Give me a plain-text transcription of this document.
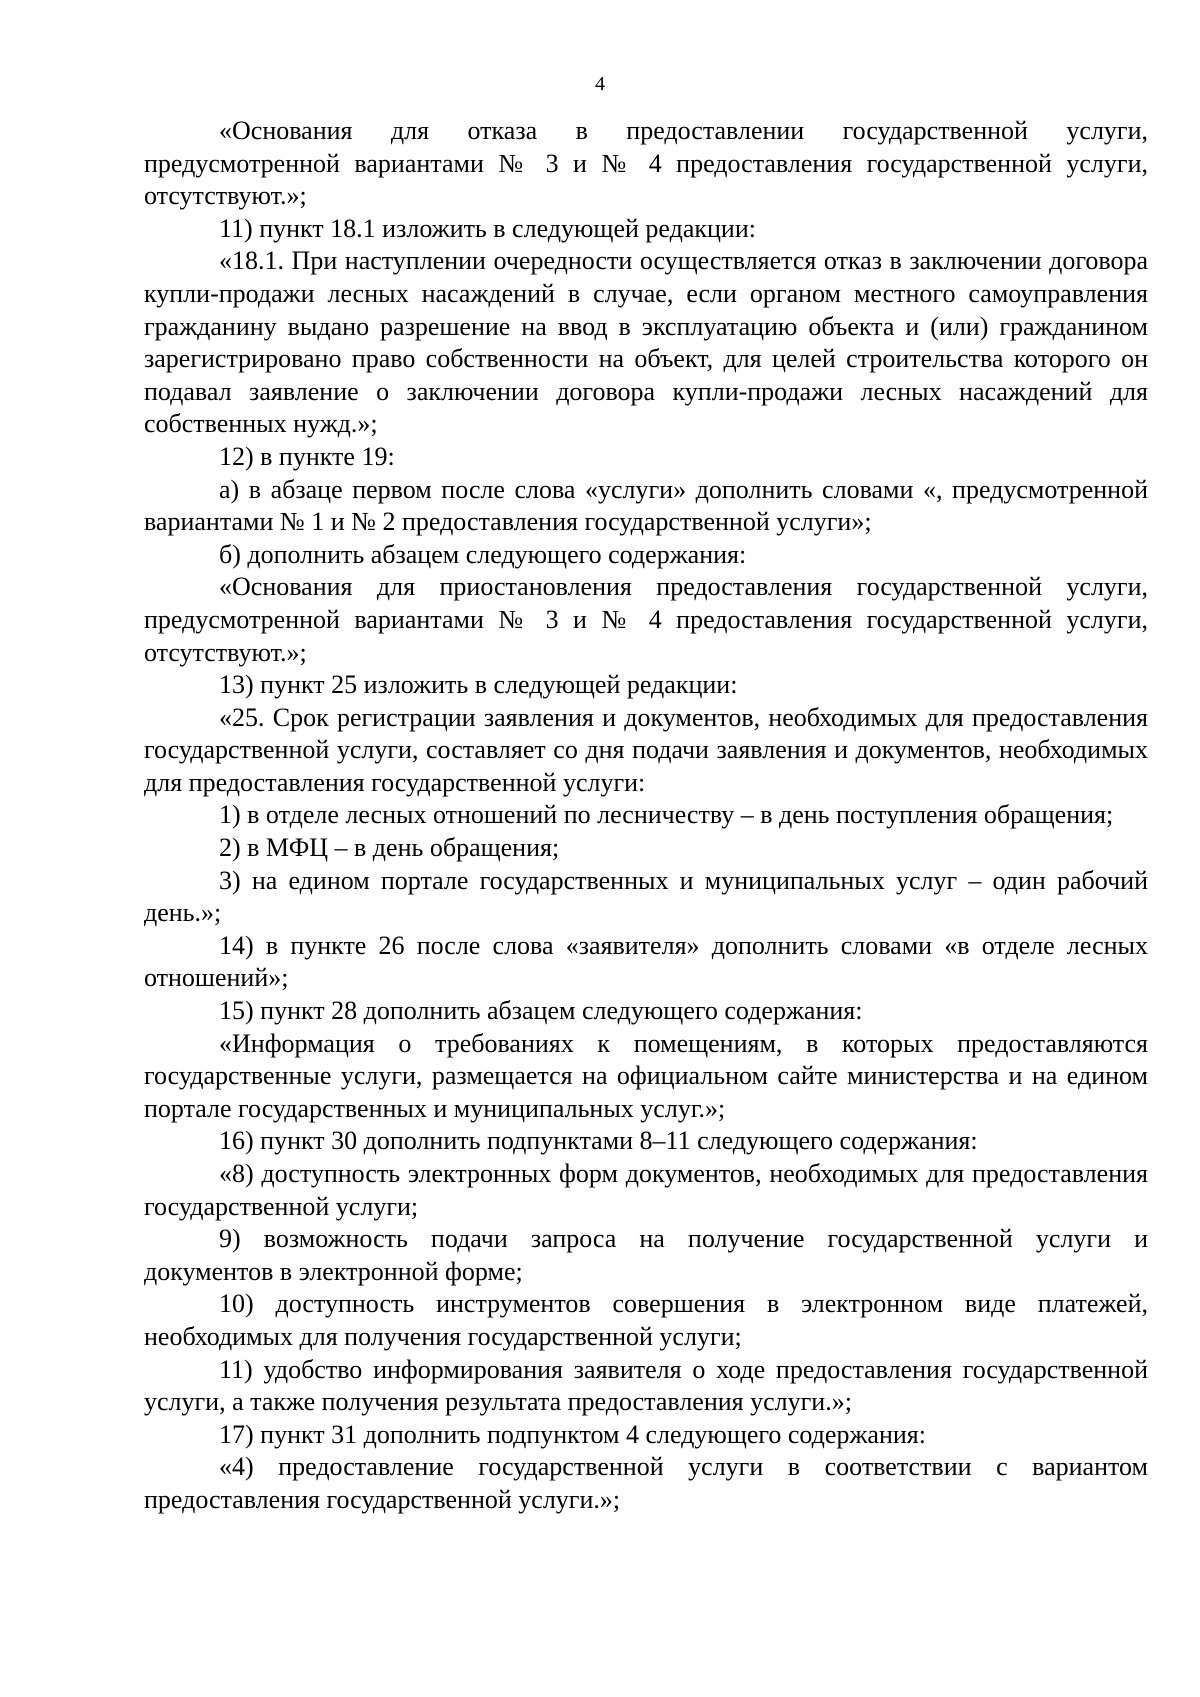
4

«Основания для отказа в предоставлении государственной услуги, предусмотренной вариантами № 3 и № 4 предоставления государственной услуги, отсутствуют.»;

11) пункт 18.1 изложить в следующей редакции:

«18.1. При наступлении очередности осуществляется отказ в заключении договора купли-продажи лесных насаждений в случае, если органом местного самоуправления гражданину выдано разрешение на ввод в эксплуатацию объекта и (или) гражданином зарегистрировано право собственности на объект, для целей строительства которого он подавал заявление о заключении договора купли-продажи лесных насаждений для собственных нужд.»;

12) в пункте 19:

а) в абзаце первом после слова «услуги» дополнить словами «, предусмотренной вариантами № 1 и № 2 предоставления государственной услуги»;

б) дополнить абзацем следующего содержания:

«Основания для приостановления предоставления государственной услуги, предусмотренной вариантами № 3 и № 4 предоставления государственной услуги, отсутствуют.»;

13) пункт 25 изложить в следующей редакции:

«25. Срок регистрации заявления и документов, необходимых для предоставления государственной услуги, составляет со дня подачи заявления и документов, необходимых для предоставления государственной услуги:

1) в отделе лесных отношений по лесничеству – в день поступления обращения;

2) в МФЦ – в день обращения;

3) на едином портале государственных и муниципальных услуг – один рабочий день.»;

14) в пункте 26 после слова «заявителя» дополнить словами «в отделе лесных отношений»;

15) пункт 28 дополнить абзацем следующего содержания:

«Информация о требованиях к помещениям, в которых предоставляются государственные услуги, размещается на официальном сайте министерства и на едином портале государственных и муниципальных услуг.»;

16) пункт 30 дополнить подпунктами 8–11 следующего содержания:

«8) доступность электронных форм документов, необходимых для предоставления государственной услуги;

9) возможность подачи запроса на получение государственной услуги и документов в электронной форме;

10) доступность инструментов совершения в электронном виде платежей, необходимых для получения государственной услуги;

11) удобство информирования заявителя о ходе предоставления государственной услуги, а также получения результата предоставления услуги.»;

17) пункт 31 дополнить подпунктом 4 следующего содержания:

«4) предоставление государственной услуги в соответствии с вариантом предоставления государственной услуги.»;
